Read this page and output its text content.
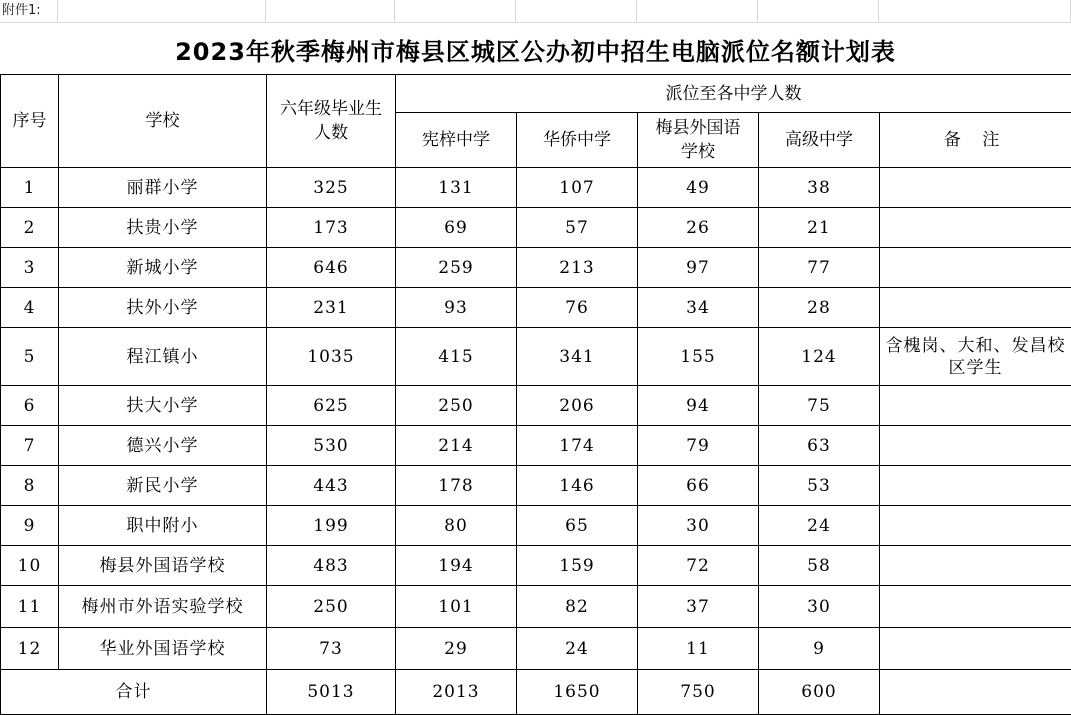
附件1:
2023年秋季梅州市梅县区城区公办初中招生电脑派位名额计划表
序号	学校	六年级毕业生人数	派位至各中学人数				
			宪梓中学	华侨中学	梅县外国语学校	高级中学	备 注
1	丽群小学	325	131	107	49	38	
2	扶贵小学	173	69	57	26	21	
3	新城小学	646	259	213	97	77	
4	扶外小学	231	93	76	34	28	
5	程江镇小	1035	415	341	155	124	含槐岗、大和、发昌校区学生
6	扶大小学	625	250	206	94	75	
7	德兴小学	530	214	174	79	63	
8	新民小学	443	178	146	66	53	
9	职中附小	199	80	65	30	24	
10	梅县外国语学校	483	194	159	72	58	
11	梅州市外语实验学校	250	101	82	37	30	
12	华业外国语学校	73	29	24	11	9	
合计		5013	2013	1650	750	600	
